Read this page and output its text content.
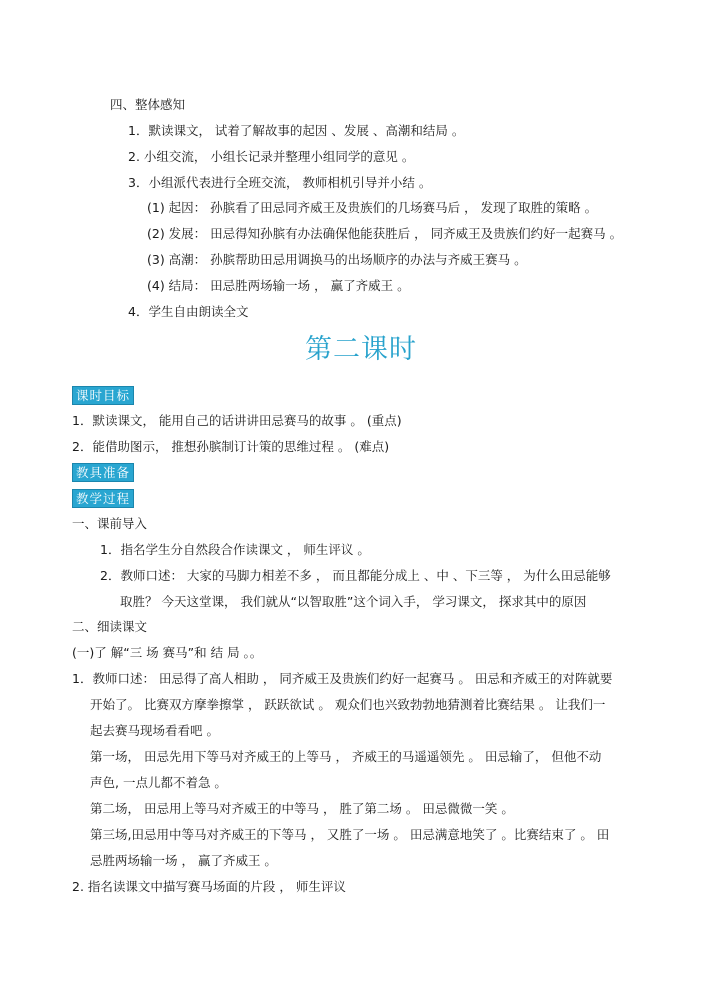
四、整体感知
1．默读课文， 试着了解故事的起因 、发展 、高潮和结局 。
2. 小组交流， 小组长记录并整理小组同学的意见 。
3．小组派代表进行全班交流， 教师相机引导并小结 。
(1) 起因： 孙膑看了田忌同齐威王及贵族们的几场赛马后 ， 发现了取胜的策略 。
(2) 发展： 田忌得知孙膑有办法确保他能获胜后 ， 同齐威王及贵族们约好一起赛马 。
(3) 高潮： 孙膑帮助田忌用调换马的出场顺序的办法与齐威王赛马 。
(4) 结局： 田忌胜两场输一场 ， 赢了齐威王 。
4．学生自由朗读全文
第二课时
课时目标
1．默读课文， 能用自己的话讲讲田忌赛马的故事 。 (重点)
2．能借助图示， 推想孙膑制订计策的思维过程 。 (难点)
教具准备
教学过程
一、课前导入
1．指名学生分自然段合作读课文 ， 师生评议 。
2．教师口述： 大家的马脚力相差不多 ， 而且都能分成上 、中 、下三等 ， 为什么田忌能够
取胜？ 今天这堂课， 我们就从“以智取胜”这个词入手， 学习课文， 探求其中的原因
二、细读课文
(一)了 解“三 场 赛马”和 结 局 。。
1．教师口述： 田忌得了高人相助 ， 同齐威王及贵族们约好一起赛马 。 田忌和齐威王的对阵就要
开始了。 比赛双方摩拳擦掌 ， 跃跃欲试 。 观众们也兴致勃勃地猜测着比赛结果 。 让我们一
起去赛马现场看看吧 。
第一场， 田忌先用下等马对齐威王的上等马 ， 齐威王的马遥遥领先 。 田忌输了， 但他不动
声色, 一点儿都不着急 。
第二场， 田忌用上等马对齐威王的中等马 ， 胜了第二场 。 田忌微微一笑 。
第三场,田忌用中等马对齐威王的下等马 ， 又胜了一场 。 田忌满意地笑了 。比赛结束了 。 田
忌胜两场输一场 ， 赢了齐威王 。
2. 指名读课文中描写赛马场面的片段 ， 师生评议
